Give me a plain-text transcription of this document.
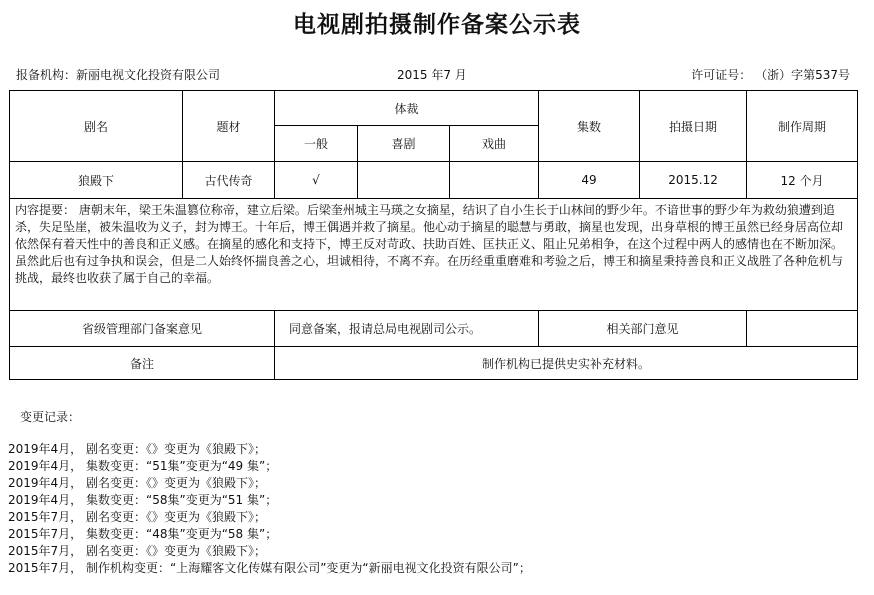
电视剧拍摄制作备案公示表
报备机构：新丽电视文化投资有限公司	2015 年7 月	许可证号： （浙）字第537号
剧名	题材	体裁			集数	拍摄日期	制作周期
		一般	喜剧	戏曲			
狼殿下	古代传奇	√			49	2015.12	12 个月
内容提要： 唐朝末年，梁王朱温篡位称帝，建立后梁。后梁奎州城主马瑛之女摘星，结识了自小生长于山林间的野少年。不谙世事的野少年为救幼狼遭到追杀，失足坠崖，被朱温收为义子，封为博王。十年后，博王偶遇并救了摘星。他心动于摘星的聪慧与勇敢，摘星也发现，出身草根的博王虽然已经身居高位却依然保有着天性中的善良和正义感。在摘星的感化和支持下，博王反对苛政、扶助百姓、匡扶正义、阻止兄弟相争，在这个过程中两人的感情也在不断加深。虽然此后也有过争执和误会，但是二人始终怀揣良善之心，坦诚相待，不离不弃。在历经重重磨难和考验之后，博王和摘星秉持善良和正义战胜了各种危机与挑战，最终也收获了属于自己的幸福。							
省级管理部门备案意见		同意备案，报请总局电视剧司公示。			相关部门意见		
备注		制作机构已提供史实补充材料。					
变更记录：
2019年4月， 剧名变更：《》变更为《狼殿下》；
2019年4月， 集数变更：“51集”变更为“49 集”；
2019年4月， 剧名变更：《》变更为《狼殿下》；
2019年4月， 集数变更：“58集”变更为“51 集”；
2015年7月， 剧名变更：《》变更为《狼殿下》；
2015年7月， 集数变更：“48集”变更为“58 集”；
2015年7月， 剧名变更：《》变更为《狼殿下》；
2015年7月， 制作机构变更：“上海耀客文化传媒有限公司”变更为“新丽电视文化投资有限公司”；
